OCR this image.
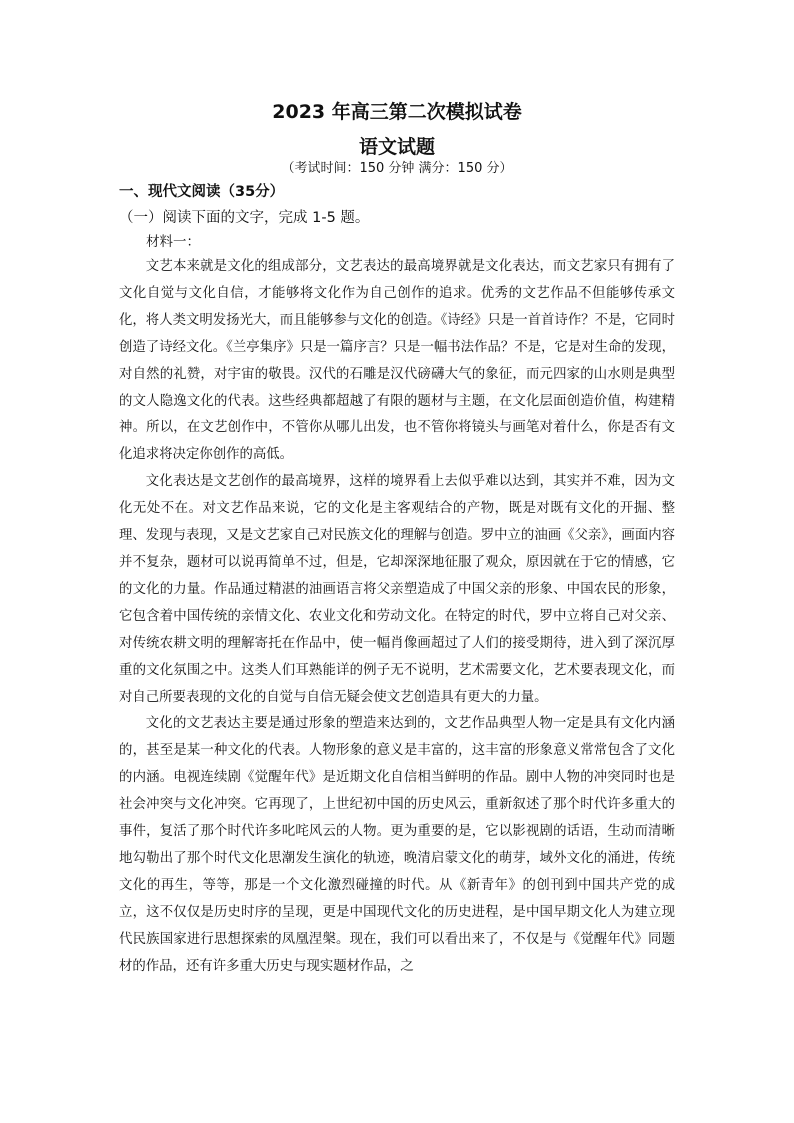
2023 年高三第二次模拟试卷
语文试题
（考试时间：150 分钟 满分：150 分）
一、现代文阅读（35分）
（一）阅读下面的文字，完成 1-5 题。
材料一：

文艺本来就是文化的组成部分，文艺表达的最高境界就是文化表达，而文艺家只有拥有了文化自觉与文化自信，才能够将文化作为自己创作的追求。优秀的文艺作品不但能够传承文化，将人类文明发扬光大，而且能够参与文化的创造。《诗经》只是一首首诗作？不是，它同时创造了诗经文化。《兰亭集序》只是一篇序言？只是一幅书法作品？不是，它是对生命的发现，对自然的礼赞，对宇宙的敬畏。汉代的石雕是汉代磅礴大气的象征，而元四家的山水则是典型的文人隐逸文化的代表。这些经典都超越了有限的题材与主题，在文化层面创造价值，构建精神。所以，在文艺创作中，不管你从哪儿出发，也不管你将镜头与画笔对着什么，你是否有文化追求将决定你创作的高低。

文化表达是文艺创作的最高境界，这样的境界看上去似乎难以达到，其实并不难，因为文化无处不在。对文艺作品来说，它的文化是主客观结合的产物，既是对既有文化的开掘、整理、发现与表现，又是文艺家自己对民族文化的理解与创造。罗中立的油画《父亲》，画面内容并不复杂，题材可以说再简单不过，但是，它却深深地征服了观众，原因就在于它的情感，它的文化的力量。作品通过精湛的油画语言将父亲塑造成了中国父亲的形象、中国农民的形象，它包含着中国传统的亲情文化、农业文化和劳动文化。在特定的时代，罗中立将自己对父亲、对传统农耕文明的理解寄托在作品中，使一幅肖像画超过了人们的接受期待，进入到了深沉厚重的文化氛围之中。这类人们耳熟能详的例子无不说明，艺术需要文化，艺术要表现文化，而对自己所要表现的文化的自觉与自信无疑会使文艺创造具有更大的力量。

文化的文艺表达主要是通过形象的塑造来达到的，文艺作品典型人物一定是具有文化内涵的，甚至是某一种文化的代表。人物形象的意义是丰富的，这丰富的形象意义常常包含了文化的内涵。电视连续剧《觉醒年代》是近期文化自信相当鲜明的作品。剧中人物的冲突同时也是社会冲突与文化冲突。它再现了，上世纪初中国的历史风云，重新叙述了那个时代许多重大的事件，复活了那个时代许多叱咤风云的人物。更为重要的是，它以影视剧的话语，生动而清晰地勾勒出了那个时代文化思潮发生演化的轨迹，晚清启蒙文化的萌芽，域外文化的涌进，传统文化的再生，等等，那是一个文化激烈碰撞的时代。从《新青年》的创刊到中国共产党的成立，这不仅仅是历史时序的呈现，更是中国现代文化的历史进程，是中国早期文化人为建立现代民族国家进行思想探索的凤凰涅槃。现在，我们可以看出来了，不仅是与《觉醒年代》同题材的作品，还有许多重大历史与现实题材作品，之
